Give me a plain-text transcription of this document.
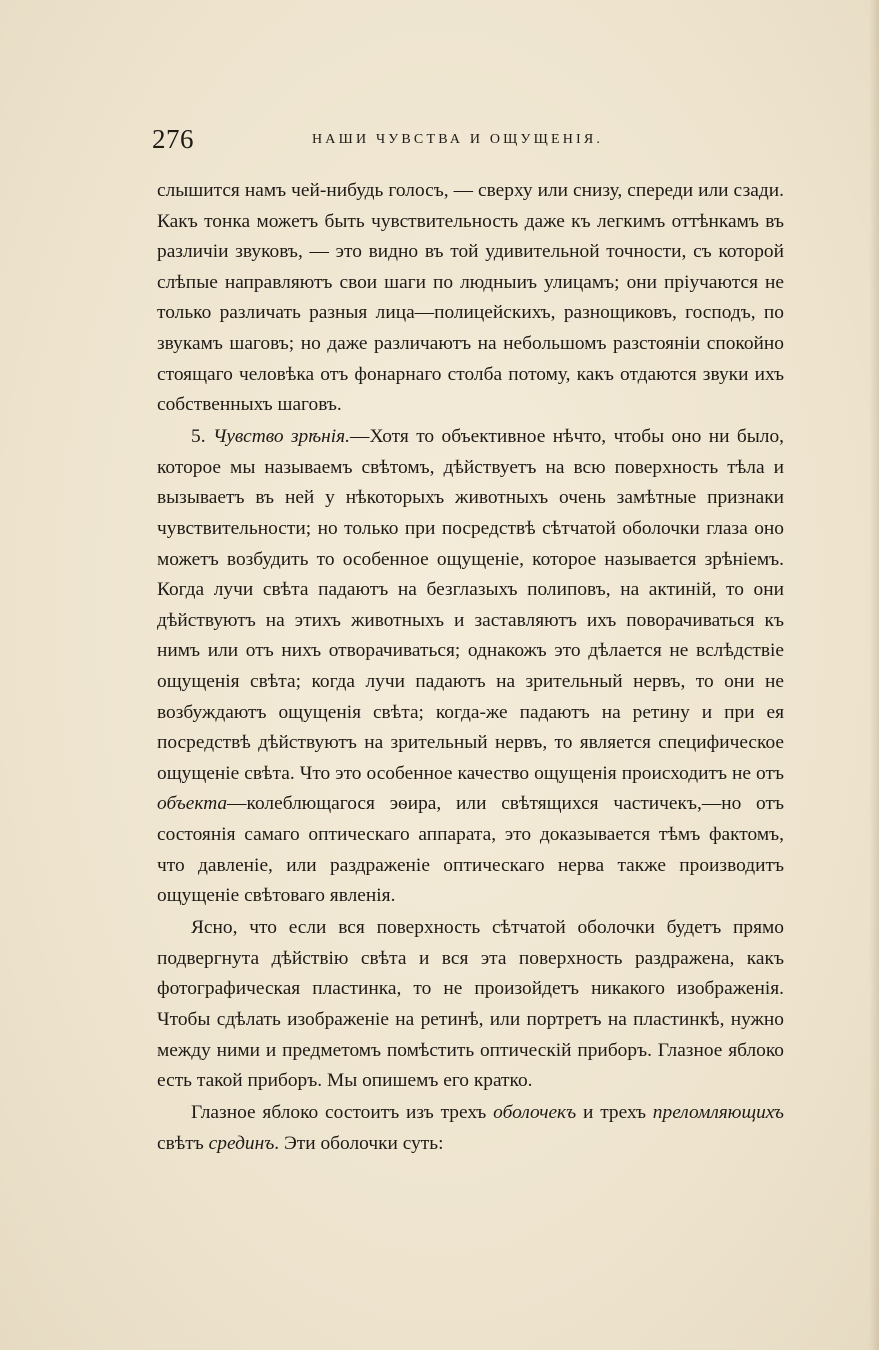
276	НАШИ ЧУВСТВА И ОЩУЩЕНІЯ.

слышится намъ чей-нибудь голосъ, — сверху или снизу, спереди или сзади. Какъ тонка можетъ быть чувствительность даже къ легкимъ оттѣнкамъ въ различіи звуковъ, — это видно въ той удивительной точности, съ которой слѣпые направляютъ свои шаги по людныиъ улицамъ; они пріучаются не только различать разныя лица—полицейскихъ, разнощиковъ, господъ, по звукамъ шаговъ; но даже различаютъ на небольшомъ разстояніи спокойно стоящаго человѣка отъ фонарнаго столба потому, какъ отдаются звуки ихъ собственныхъ шаговъ.

5. Чувство зрѣнія.—Хотя то объективное нѣчто, чтобы оно ни было, которое мы называемъ свѣтомъ, дѣйствуетъ на всю поверхность тѣла и вызываетъ въ ней у нѣкоторыхъ животныхъ очень замѣтные признаки чувствительности; но только при посредствѣ сѣтчатой оболочки глаза оно можетъ возбудить то особенное ощущеніе, которое называется зрѣніемъ. Когда лучи свѣта падаютъ на безглазыхъ полиповъ, на актиній, то они дѣйствуютъ на этихъ животныхъ и заставляютъ ихъ поворачиваться къ нимъ или отъ нихъ отворачиваться; однакожъ это дѣлается не вслѣдствіе ощущенія свѣта; когда лучи падаютъ на зрительный нервъ, то они не возбуждаютъ ощущенія свѣта; когда-же падаютъ на ретину и при ея посредствѣ дѣйствуютъ на зрительный нервъ, то является специфическое ощущеніе свѣта. Что это особенное качество ощущенія происходитъ не отъ объекта—колеблющагося эѳира, или свѣтящихся частичекъ,—но отъ состоянія самаго оптическаго аппарата, это доказывается тѣмъ фактомъ, что давленіе, или раздраженіе оптическаго нерва также производитъ ощущеніе свѣтоваго явленія.

Ясно, что если вся поверхность сѣтчатой оболочки будетъ прямо подвергнута дѣйствію свѣта и вся эта поверхность раздражена, какъ фотографическая пластинка, то не произойдетъ никакого изображенія. Чтобы сдѣлать изображеніе на ретинѣ, или портретъ на пластинкѣ, нужно между ними и предметомъ помѣстить оптическій приборъ. Глазное яблоко есть такой приборъ. Мы опишемъ его кратко.

Глазное яблоко состоитъ изъ трехъ оболочекъ и трехъ преломляющихъ свѣтъ срединъ. Эти оболочки суть:
